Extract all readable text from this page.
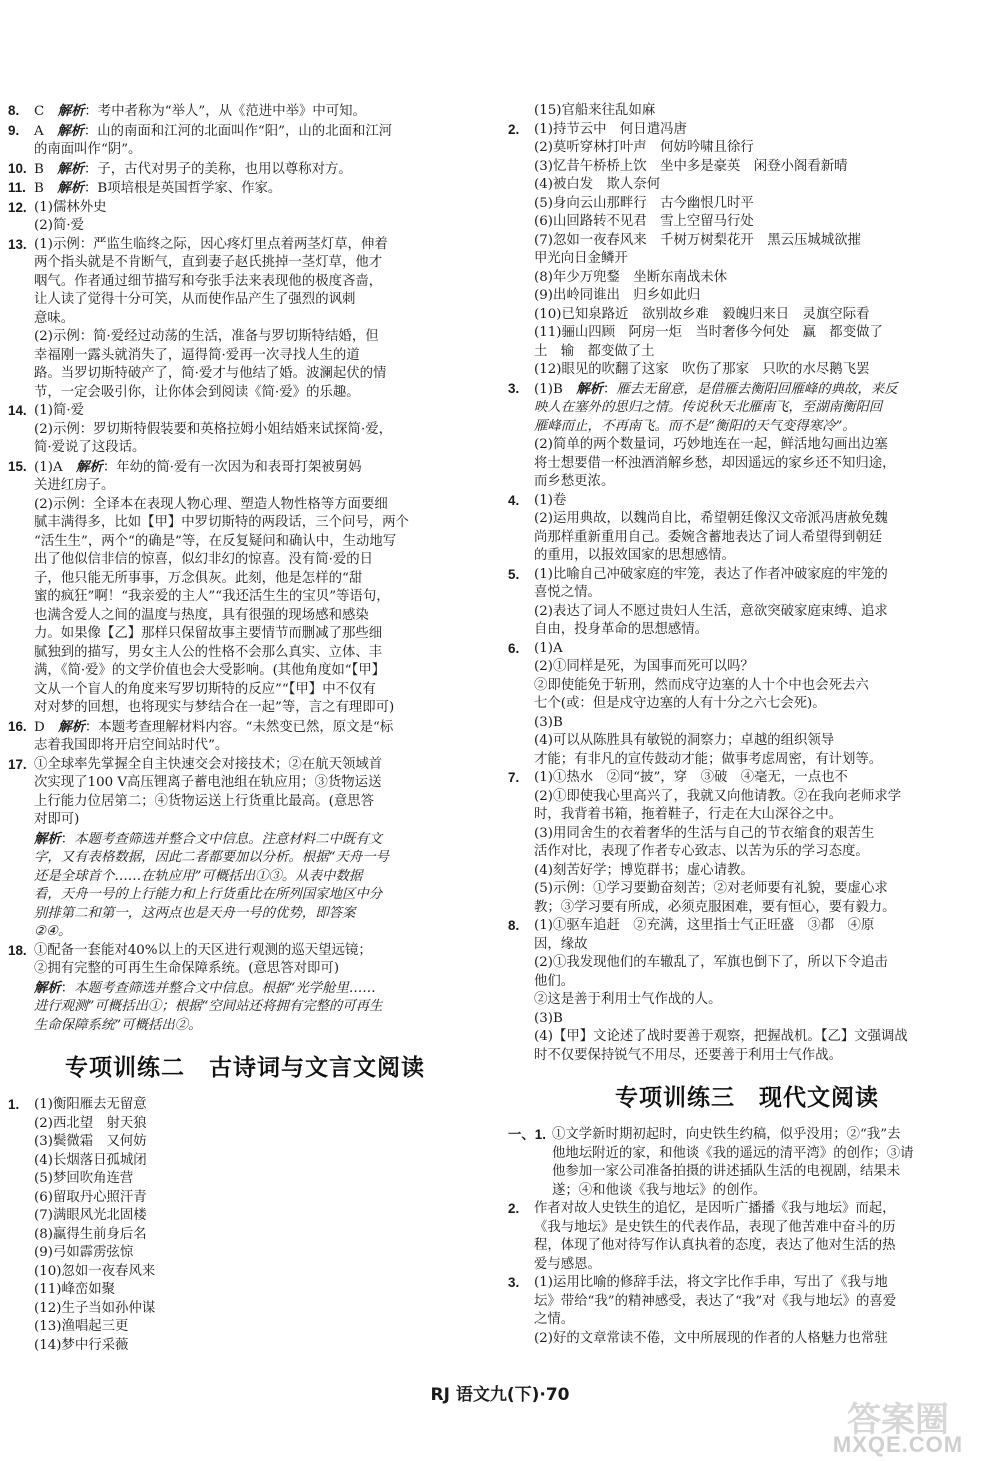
8.	C　解析：考中者称为“举人”，从《范进中举》中可知。
9.	A　解析：山的南面和江河的北面叫作“阳”，山的北面和江河
的南面叫作“阴”。
10. B　解析：子，古代对男子的美称，也用以尊称对方。
11. B　解析：B项培根是英国哲学家、作家。
12. (1)儒林外史
(2)简·爱
13. (1)示例：严监生临终之际，因心疼灯里点着两茎灯草，伸着
两个指头就是不肯断气，直到妻子赵氏挑掉一茎灯草，他才
咽气。作者通过细节描写和夸张手法来表现他的极度吝啬，
让人读了觉得十分可笑，从而使作品产生了强烈的讽刺
意味。
(2)示例：简·爱经过动荡的生活，准备与罗切斯特结婚，但
幸福刚一露头就消失了，逼得简·爱再一次寻找人生的道
路。当罗切斯特破产了，简·爱才与他结了婚。波澜起伏的情
节，一定会吸引你，让你体会到阅读《简·爱》的乐趣。
14. (1)简·爱
(2)示例：罗切斯特假装要和英格拉姆小姐结婚来试探简·爱，
简·爱说了这段话。
15. (1)A　解析：年幼的简·爱有一次因为和表哥打架被舅妈
关进红房子。
(2)示例：全译本在表现人物心理、塑造人物性格等方面要细
腻丰满得多，比如【甲】中罗切斯特的两段话，三个问号，两个
“活生生”，两个“的确是”等，在反复疑问和确认中，生动地写
出了他似信非信的惊喜，似幻非幻的惊喜。没有简·爱的日
子，他只能无所事事，万念俱灰。此刻，他是怎样的“甜
蜜的疯狂”啊！“我亲爱的主人”“我还活生生的宝贝”等语句，
也满含爱人之间的温度与热度，具有很强的现场感和感染
力。如果像【乙】那样只保留故事主要情节而删减了那些细
腻独到的描写，男女主人公的性格不会那么真实、立体、丰
满，《简·爱》的文学价值也会大受影响。(其他角度如“【甲】
文从一个盲人的角度来写罗切斯特的反应”“【甲】中不仅有
对对梦的回想，也将现实与梦结合在一起”等，言之有理即可)
16. D　解析：本题考查理解材料内容。“未然变已然，原文是“标
志着我国即将开启空间站时代”。
17. ①全球率先掌握全自主快速交会对接技术；②在航天领域首
次实现了100 V高压锂离子蓄电池组在轨应用；③货物运送
上行能力位居第二；④货物运送上行货重比最高。(意思答
对即可)
解析：本题考查筛选并整合文中信息。注意材料二中既有文
字，又有表格数据，因此二者都要加以分析。根据“天舟一号
还是全球首个……在轨应用”可概括出①③。从表中数据
看，天舟一号的上行能力和上行货重比在所列国家地区中分
别排第二和第一，这两点也是天舟一号的优势，即答案
②④。
18. ①配备一套能对40%以上的天区进行观测的巡天望远镜；
②拥有完整的可再生生命保障系统。(意思答对即可)
解析：本题考查筛选并整合文中信息。根据“光学舱里……
进行观测”可概括出①；根据“空间站还将拥有完整的可再生
生命保障系统”可概括出②。
专项训练二　古诗词与文言文阅读
1.	(1)衡阳雁去无留意
(2)西北望　射天狼
(3)鬓微霜　又何妨
(4)长烟落日孤城闭
(5)梦回吹角连营
(6)留取丹心照汗青
(7)满眼风光北固楼
(8)赢得生前身后名
(9)弓如霹雳弦惊
(10)忽如一夜春风来
(11)峰峦如聚
(12)生子当如孙仲谋
(13)渔唱起三更
(14)梦中行采薇
(15)官船来往乱如麻
2.	(1)持节云中　何日遣冯唐
(2)莫听穿林打叶声　何妨吟啸且徐行
(3)忆昔午桥桥上饮　坐中多是豪英　闲登小阁看新晴
(4)被白发　欺人奈何
(5)身向云山那畔行　古今幽恨几时平
(6)山回路转不见君　雪上空留马行处
(7)忽如一夜春风来　千树万树梨花开　黑云压城城欲摧
甲光向日金鳞开
(8)年少万兜鍪　坐断东南战未休
(9)出岭同谁出　归乡如此归
(10)已知泉路近　欲别故乡难　毅魄归来日　灵旗空际看
(11)骊山四顾　阿房一炬　当时奢侈今何处　赢　都变做了
土　输　都变做了土
(12)眼见的吹翻了这家　吹伤了那家　只吹的水尽鹅飞罢
3.	(1)B　解析：雁去无留意，是借雁去衡阳回雁峰的典故，来反
映人在塞外的思归之情。传说秋天北雁南飞，至湖南衡阳回
雁峰而止，不再南飞。而不是“衡阳的天气变得寒冷”。
(2)简单的两个数量词，巧妙地连在一起，鲜活地勾画出边塞
将士想要借一杯浊酒消解乡愁，却因遥远的家乡还不知归途，
而乡愁更浓。
4.	(1)卷
(2)运用典故，以魏尚自比，希望朝廷像汉文帝派冯唐赦免魏
尚那样重新重用自己。委婉含蓄地表达了词人希望得到朝廷
的重用，以报效国家的思想感情。
5.	(1)比喻自己冲破家庭的牢笼，表达了作者冲破家庭的牢笼的
喜悦之情。
(2)表达了词人不愿过贵妇人生活，意欲突破家庭束缚、追求
自由，投身革命的思想感情。
6.	(1)A
(2)①同样是死，为国事而死可以吗？
②即使能免于斩刑，然而戍守边塞的人十个中也会死去六
七个(或：但是戍守边塞的人有十分之六七会死)。
(3)B
(4)可以从陈胜具有敏锐的洞察力；卓越的组织领导
才能；有非凡的宣传鼓动才能；做事考虑周密，有计划等。
7.	(1)①热水　②同“披”，穿　③破　④毫无，一点也不
(2)①即使我心里高兴了，我就又向他请教。②在我向老师求学
时，我背着书箱，拖着鞋子，行走在大山深谷之中。
(3)用同舍生的衣着奢华的生活与自己的节衣缩食的艰苦生
活作对比，表现了作者专心致志、以苦为乐的学习态度。
(4)刻苦好学；博览群书；虚心请教。
(5)示例：①学习要勤奋刻苦；②对老师要有礼貌，要虚心求
教；③学习要有所成，必须克服困难，要有恒心，要有毅力。
8.	(1)①驱车追赶　②充满，这里指士气正旺盛　③都　④原
因，缘故
(2)①我发现他们的车辙乱了，军旗也倒下了，所以下令追击
他们。
②这是善于利用士气作战的人。
(3)B
(4)【甲】文论述了战时要善于观察，把握战机。【乙】文强调战
时不仅要保持锐气不用尽，还要善于利用士气作战。
专项训练三　现代文阅读
一、1. ①文学新时期初起时，向史铁生约稿，似乎没用；②“我”去
他地坛附近的家，和他谈《我的遥远的清平湾》的创作；③请
他参加一家公司准备拍摄的讲述插队生活的电视剧，结果未
遂；④和他谈《我与地坛》的创作。
2.	作者对故人史铁生的追忆，是因听广播播《我与地坛》而起，
《我与地坛》是史铁生的代表作品，表现了他苦难中奋斗的历
程，体现了他对待写作认真执着的态度，表达了他对生活的热
爱与感恩。
3.	(1)运用比喻的修辞手法，将文字比作手串，写出了《我与地
坛》带给“我”的精神感受，表达了“我”对《我与地坛》的喜爱
之情。
(2)好的文章常读不倦，文中所展现的作者的人格魅力也常驻
RJ 语文九(下)·70
答案圈
MXQE.COM
